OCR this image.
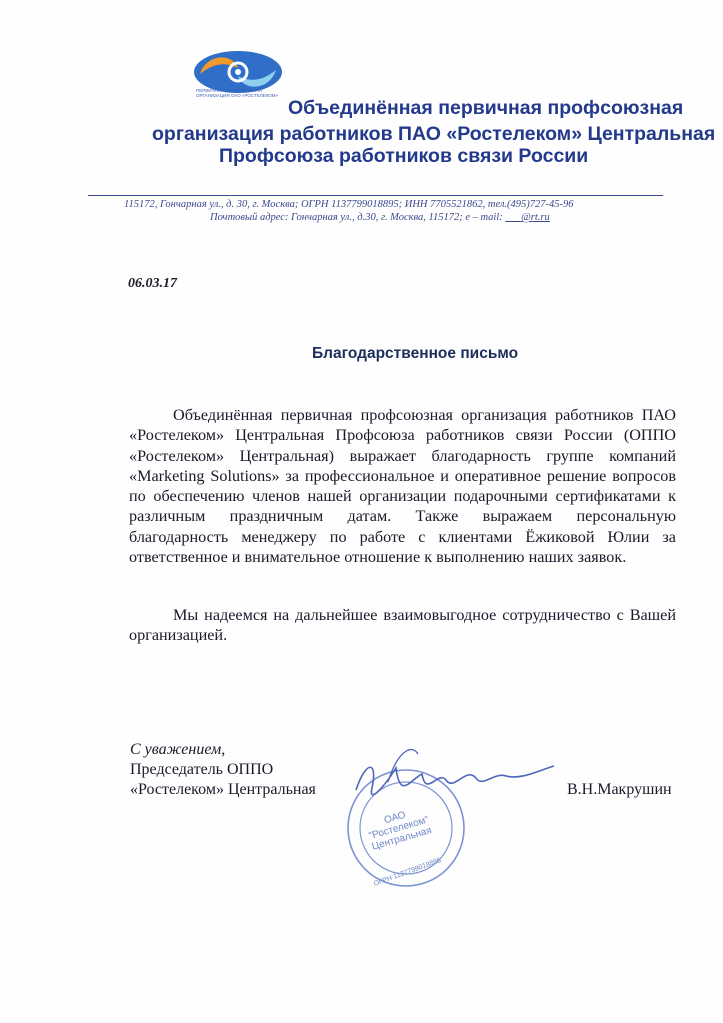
ПЕРВИЧНАЯ ПРОФСОЮЗНАЯ ОРГАНИЗАЦИЯ ОАО «РОСТЕЛЕКОМ»
Объединённая первичная профсоюзная
организация работников ПАО «Ростелеком» Центральная
Профсоюза работников связи России
115172, Гончарная ул., д. 30, г. Москва; ОГРН 1137799018895; ИНН 7705521862, тел.(495)727-45-96
Почтовый адрес: Гончарная ул., д.30, г. Москва, 115172; е – mail: ___@rt.ru
06.03.17
Благодарственное письмо

Объединённая первичная профсоюзная организация работников ПАО «Ростелеком» Центральная Профсоюза работников связи России (ОППО «Ростелеком» Центральная) выражает благодарность группе компаний «Marketing Solutions» за профессиональное и оперативное решение вопросов по обеспечению членов нашей организации подарочными сертификатами к различным праздничным датам. Также выражаем персональную благодарность менеджеру по работе с клиентами Ёжиковой Юлии за ответственное и внимательное отношение к выполнению наших заявок.

Мы надеемся на дальнейшее взаимовыгодное сотрудничество с Вашей организацией.

С уважением,
Председатель ОППО
«Ростелеком» Центральная
ОАО "Ростелеком" Центральная
ОГРН 1137799018895
В.Н.Макрушин
